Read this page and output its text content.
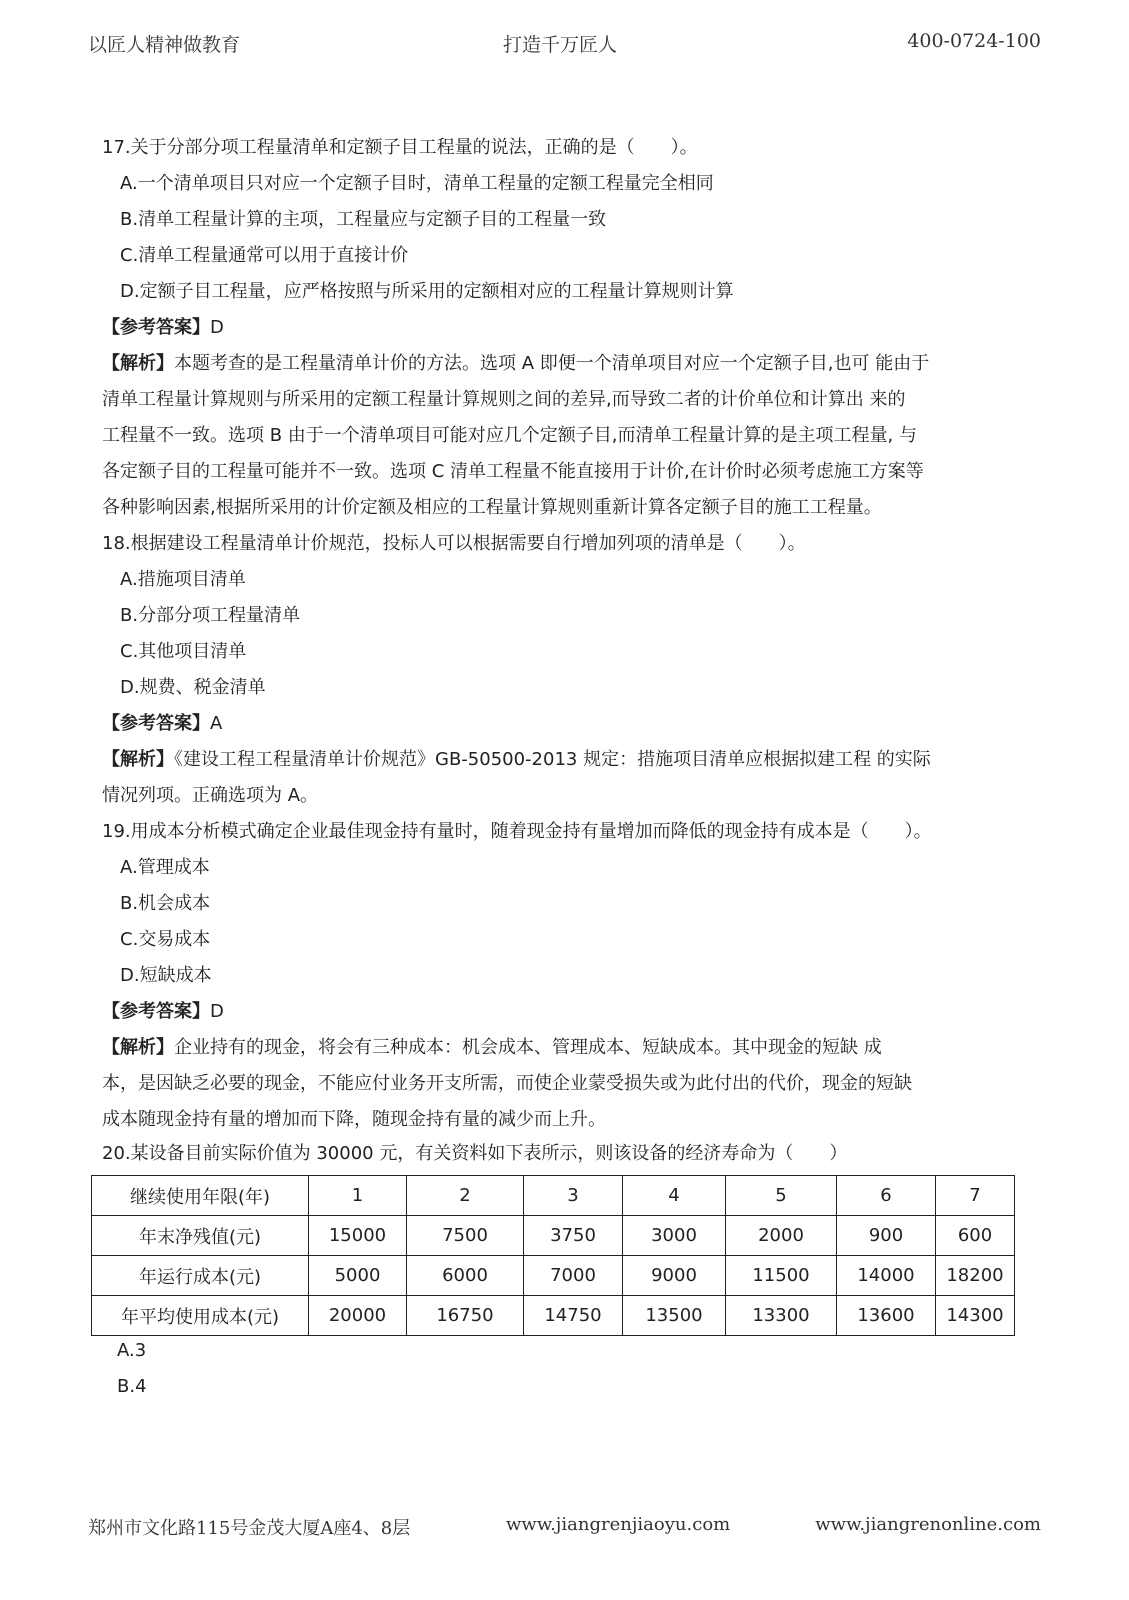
以匠人精神做教育	打造千万匠人	400-0724-100
17.关于分部分项工程量清单和定额子目工程量的说法，正确的是（　　）。
A.一个清单项目只对应一个定额子目时，清单工程量的定额工程量完全相同
B.清单工程量计算的主项，工程量应与定额子目的工程量一致
C.清单工程量通常可以用于直接计价
D.定额子目工程量，应严格按照与所采用的定额相对应的工程量计算规则计算
【参考答案】D
【解析】本题考查的是工程量清单计价的方法。选项 A 即便一个清单项目对应一个定额子目,也可 能由于
清单工程量计算规则与所采用的定额工程量计算规则之间的差异,而导致二者的计价单位和计算出 来的
工程量不一致。选项 B 由于一个清单项目可能对应几个定额子目,而清单工程量计算的是主项工程量, 与
各定额子目的工程量可能并不一致。选项 C 清单工程量不能直接用于计价,在计价时必须考虑施工方案等
各种影响因素,根据所采用的计价定额及相应的工程量计算规则重新计算各定额子目的施工工程量。
18.根据建设工程量清单计价规范，投标人可以根据需要自行增加列项的清单是（　　）。
A.措施项目清单
B.分部分项工程量清单
C.其他项目清单
D.规费、税金清单
【参考答案】A
【解析】《建设工程工程量清单计价规范》GB-50500-2013 规定：措施项目清单应根据拟建工程 的实际
情况列项。正确选项为 A。
19.用成本分析模式确定企业最佳现金持有量时，随着现金持有量增加而降低的现金持有成本是（　　）。
A.管理成本
B.机会成本
C.交易成本
D.短缺成本
【参考答案】D
【解析】企业持有的现金，将会有三种成本：机会成本、管理成本、短缺成本。其中现金的短缺 成
本，是因缺乏必要的现金，不能应付业务开支所需，而使企业蒙受损失或为此付出的代价，现金的短缺
成本随现金持有量的增加而下降，随现金持有量的减少而上升。
20.某设备目前实际价值为 30000 元，有关资料如下表所示，则该设备的经济寿命为（　　）
继续使用年限(年)	1	2	3	4	5	6	7
年末净残值(元)	15000	7500	3750	3000	2000	900	600
年运行成本(元)	5000	6000	7000	9000	11500	14000	18200
年平均使用成本(元)	20000	16750	14750	13500	13300	13600	14300
A.3
B.4
郑州市文化路115号金茂大厦A座4、8层	www.jiangrenjiaoyu.com	www.jiangrenonline.com
